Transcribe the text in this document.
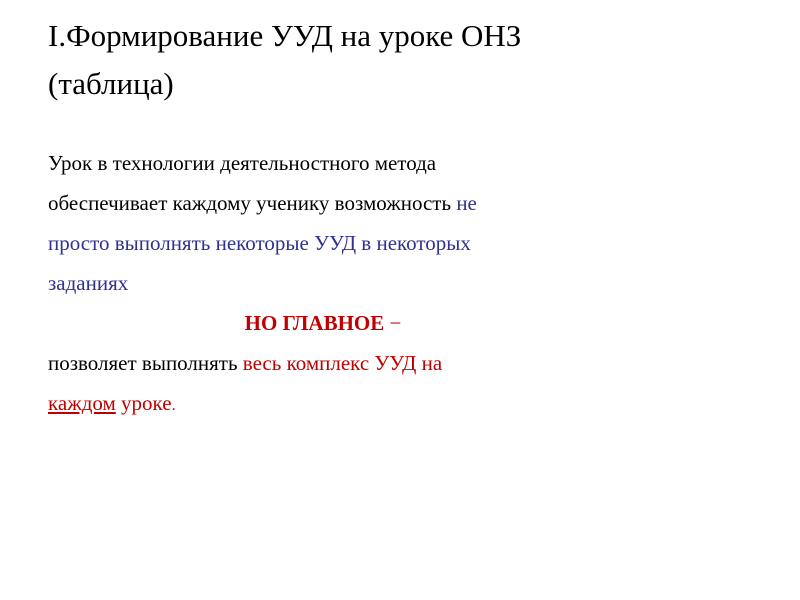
I.Формирование УУД на уроке ОНЗ
(таблица)
Урок в технологии деятельностного метода
обеспечивает каждому ученику возможность не
просто выполнять некоторые УУД в некоторых
заданиях
НО ГЛАВНОЕ −
позволяет выполнять весь комплекс УУД на
каждом уроке.
